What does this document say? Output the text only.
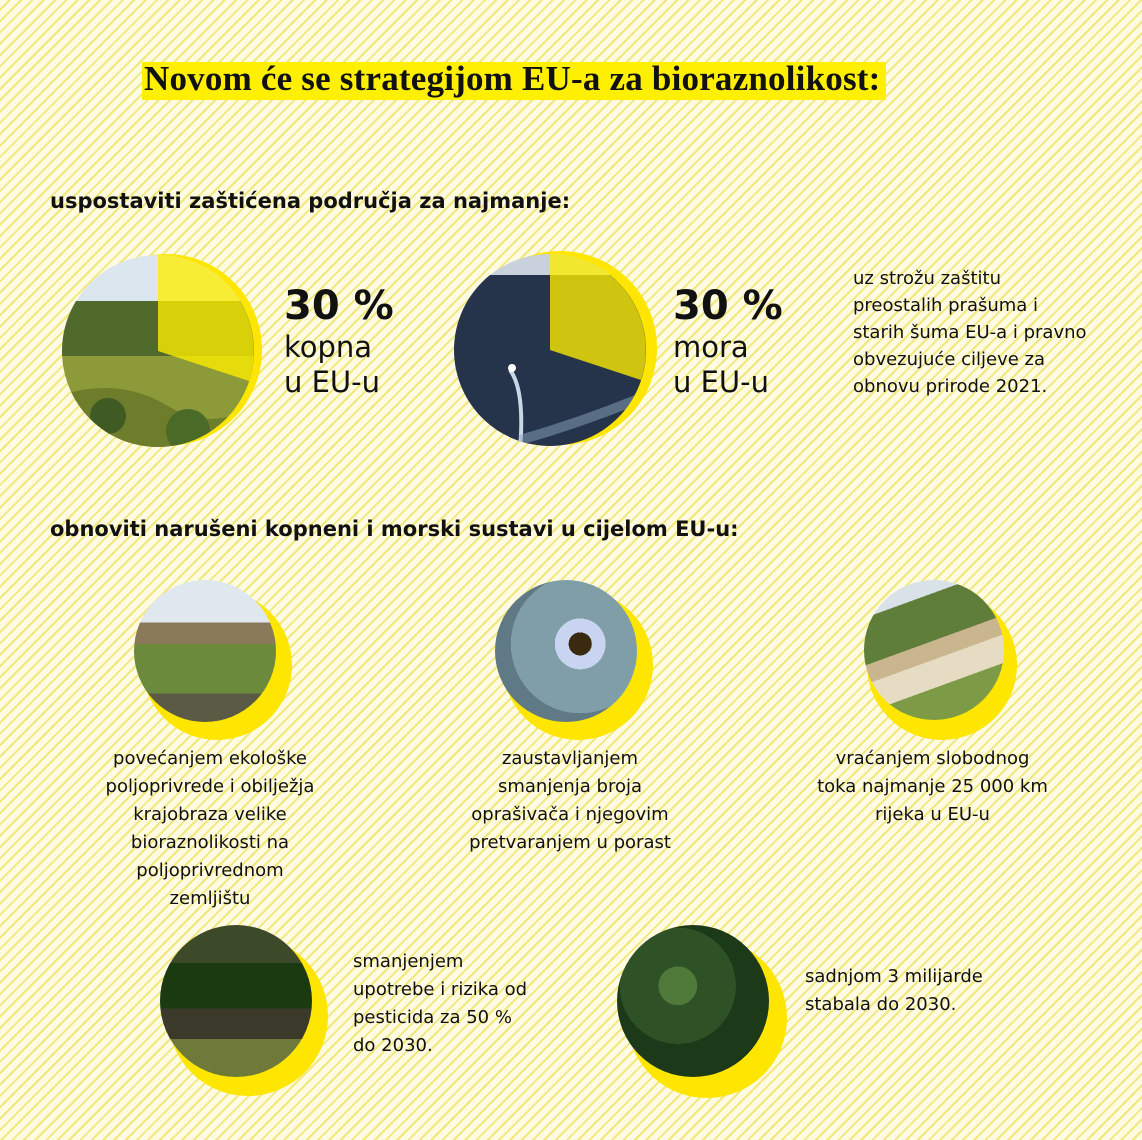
Novom će se strategijom EU-a za bioraznolikost:
uspostaviti zaštićena područja za najmanje:
30 %
kopna
u EU-u
30 %
mora
u EU-u
uz strožu zaštitu
preostalih prašuma i
starih šuma EU-a i pravno
obvezujuće ciljeve za
obnovu prirode 2021.
obnoviti narušeni kopneni i morski sustavi u cijelom EU-u:
povećanjem ekološke
poljoprivrede i obilježja
krajobraza velike
bioraznolikosti na
poljoprivrednom
zemljištu
zaustavljanjem
smanjenja broja
oprašivača i njegovim
pretvaranjem u porast
vraćanjem slobodnog
toka najmanje 25 000 km
rijeka u EU-u
smanjenjem
upotrebe i rizika od
pesticida za 50 %
do 2030.
sadnjom 3 milijarde
stabala do 2030.
